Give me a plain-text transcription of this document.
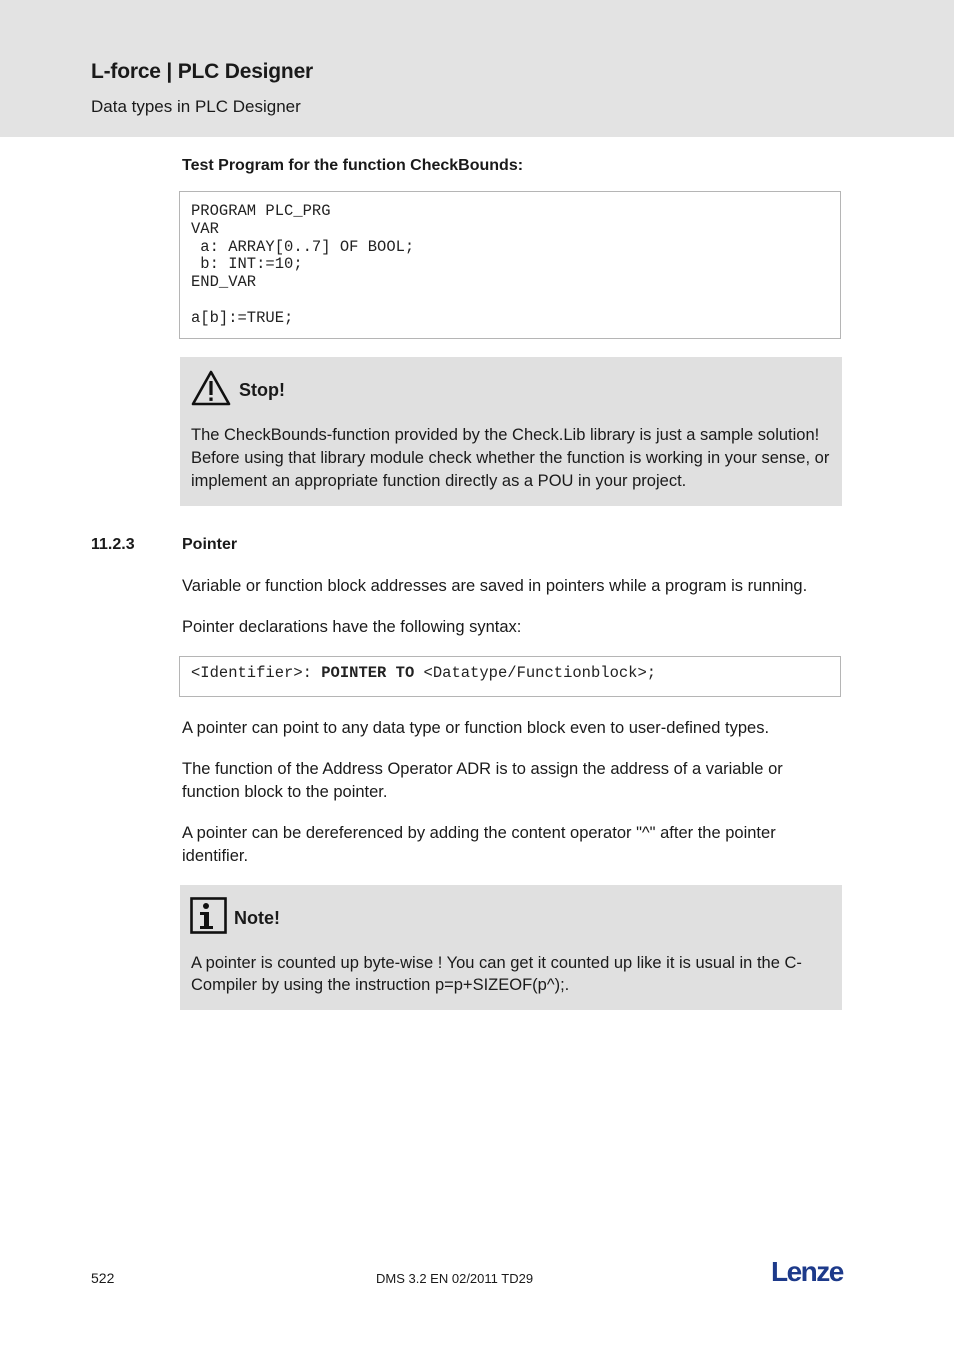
L-force | PLC Designer
Data types in PLC Designer
Test Program for the function CheckBounds:
PROGRAM PLC_PRG
VAR
a: ARRAY[0..7] OF BOOL;
b: INT:=10;
END_VAR
a[b]:=TRUE;
Stop!
The CheckBounds-function provided by the Check.Lib library is just a sample solution! Before using that library module check whether the function is working in your sense, or implement an appropriate function directly as a POU in your project.
11.2.3	Pointer
Variable or function block addresses are saved in pointers while a program is running.
Pointer declarations have the following syntax:
<Identifier>: POINTER TO <Datatype/Functionblock>;
A pointer can point to any data type or function block even to user-defined types.
The function of the Address Operator ADR is to assign the address of a variable or function block to the pointer.
A pointer can be dereferenced by adding the content operator "^" after the pointer identifier.
Note!
A pointer is counted up byte-wise ! You can get it counted up like it is usual in the C-Compiler by using the instruction p=p+SIZEOF(p^);.
522	DMS 3.2 EN 02/2011 TD29	Lenze
